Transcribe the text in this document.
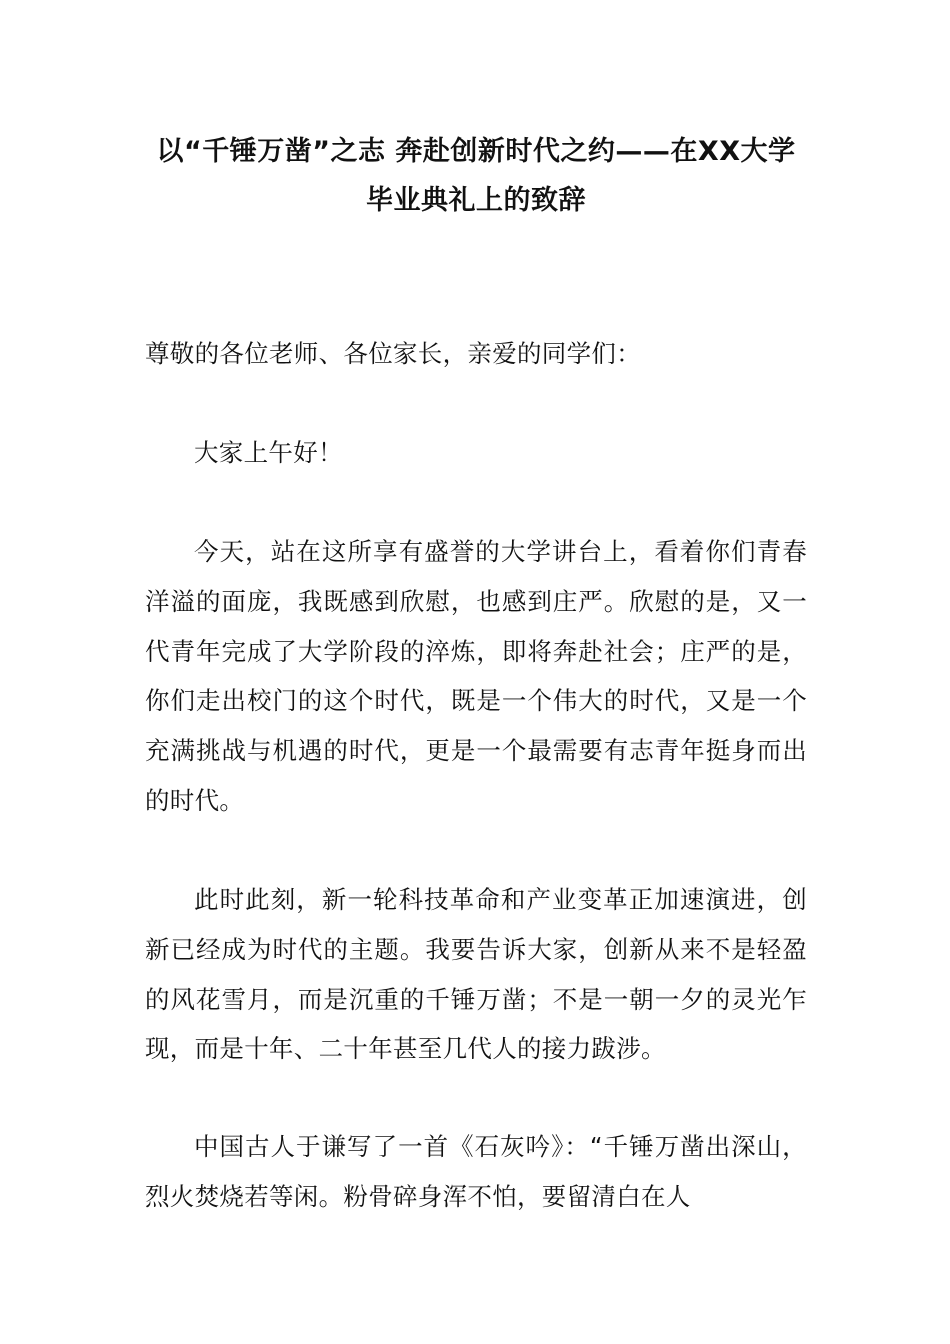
以“千锤万凿”之志 奔赴创新时代之约——在XX大学毕业典礼上的致辞

尊敬的各位老师、各位家长，亲爱的同学们：

大家上午好！

今天，站在这所享有盛誉的大学讲台上，看着你们青春洋溢的面庞，我既感到欣慰，也感到庄严。欣慰的是，又一代青年完成了大学阶段的淬炼，即将奔赴社会；庄严的是，你们走出校门的这个时代，既是一个伟大的时代，又是一个充满挑战与机遇的时代，更是一个最需要有志青年挺身而出的时代。

此时此刻，新一轮科技革命和产业变革正加速演进，创新已经成为时代的主题。我要告诉大家，创新从来不是轻盈的风花雪月，而是沉重的千锤万凿；不是一朝一夕的灵光乍现，而是十年、二十年甚至几代人的接力跋涉。

中国古人于谦写了一首《石灰吟》：“千锤万凿出深山，烈火焚烧若等闲。粉骨碎身浑不怕，要留清白在人
